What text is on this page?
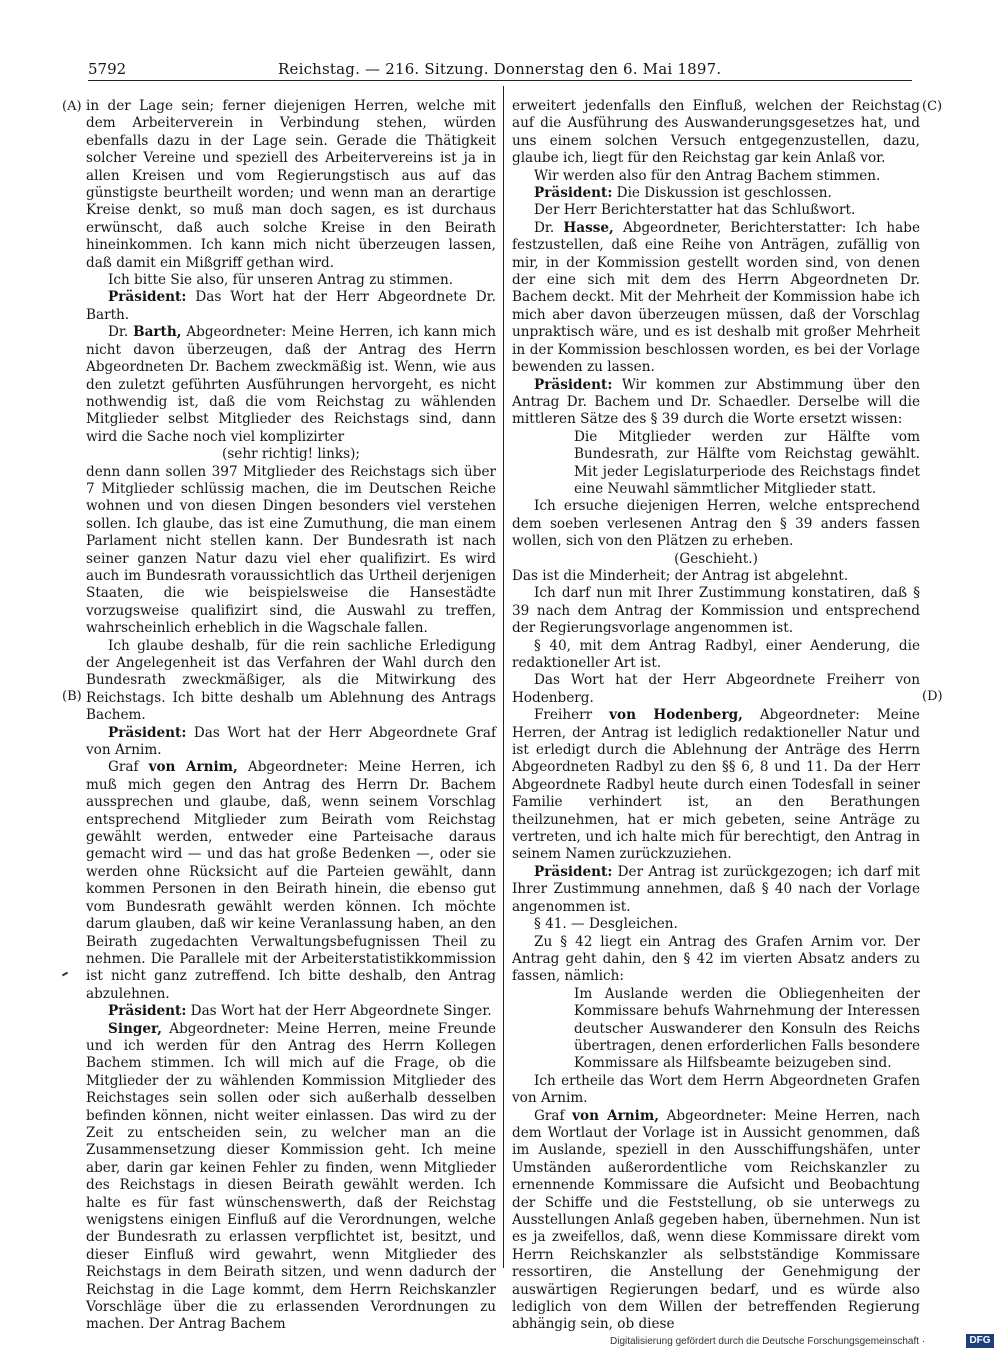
5792	Reichstag. — 216. Sitzung. Donnerstag den 6. Mai 1897.
(A)
(B)
(C)
(D)

in der Lage sein; ferner diejenigen Herren, welche mit dem Arbeiterverein in Verbindung stehen, würden ebenfalls dazu in der Lage sein. Gerade die Thätigkeit solcher Vereine und speziell des Arbeitervereins ist ja in allen Kreisen und vom Regierungstisch aus auf das günstigste beurtheilt worden; und wenn man an derartige Kreise denkt, so muß man doch sagen, es ist durchaus erwünscht, daß auch solche Kreise in den Beirath hineinkommen. Ich kann mich nicht überzeugen lassen, daß damit ein Mißgriff gethan wird.

Ich bitte Sie also, für unseren Antrag zu stimmen.

Präsident: Das Wort hat der Herr Abgeordnete Dr. Barth.

Dr. Barth, Abgeordneter: Meine Herren, ich kann mich nicht davon überzeugen, daß der Antrag des Herrn Abgeordneten Dr. Bachem zweckmäßig ist. Wenn, wie aus den zuletzt geführten Ausführungen hervorgeht, es nicht nothwendig ist, daß die vom Reichstag zu wählenden Mitglieder selbst Mitglieder des Reichstags sind, dann wird die Sache noch viel komplizirter

(sehr richtig! links);

denn dann sollen 397 Mitglieder des Reichstags sich über 7 Mitglieder schlüssig machen, die im Deutschen Reiche wohnen und von diesen Dingen besonders viel verstehen sollen. Ich glaube, das ist eine Zumuthung, die man einem Parlament nicht stellen kann. Der Bundesrath ist nach seiner ganzen Natur dazu viel eher qualifizirt. Es wird auch im Bundesrath voraussichtlich das Urtheil derjenigen Staaten, die wie beispielsweise die Hansestädte vorzugsweise qualifizirt sind, die Auswahl zu treffen, wahrscheinlich erheblich in die Wagschale fallen.

Ich glaube deshalb, für die rein sachliche Erledigung der Angelegenheit ist das Verfahren der Wahl durch den Bundesrath zweckmäßiger, als die Mitwirkung des Reichstags. Ich bitte deshalb um Ablehnung des Antrags Bachem.

Präsident: Das Wort hat der Herr Abgeordnete Graf von Arnim.

Graf von Arnim, Abgeordneter: Meine Herren, ich muß mich gegen den Antrag des Herrn Dr. Bachem aussprechen und glaube, daß, wenn seinem Vorschlag entsprechend Mitglieder zum Beirath vom Reichstag gewählt werden, entweder eine Parteisache daraus gemacht wird — und das hat große Bedenken —, oder sie werden ohne Rücksicht auf die Parteien gewählt, dann kommen Personen in den Beirath hinein, die ebenso gut vom Bundesrath gewählt werden können. Ich möchte darum glauben, daß wir keine Veranlassung haben, an den Beirath zugedachten Verwaltungsbefugnissen Theil zu nehmen. Die Parallele mit der Arbeiterstatistikkommission ist nicht ganz zutreffend. Ich bitte deshalb, den Antrag abzulehnen.

Präsident: Das Wort hat der Herr Abgeordnete Singer.

Singer, Abgeordneter: Meine Herren, meine Freunde und ich werden für den Antrag des Herrn Kollegen Bachem stimmen. Ich will mich auf die Frage, ob die Mitglieder der zu wählenden Kommission Mitglieder des Reichstages sein sollen oder sich außerhalb desselben befinden können, nicht weiter einlassen. Das wird zu der Zeit zu entscheiden sein, zu welcher man an die Zusammensetzung dieser Kommission geht. Ich meine aber, darin gar keinen Fehler zu finden, wenn Mitglieder des Reichstags in diesen Beirath gewählt werden. Ich halte es für fast wünschenswerth, daß der Reichstag wenigstens einigen Einfluß auf die Verordnungen, welche der Bundesrath zu erlassen verpflichtet ist, besitzt, und dieser Einfluß wird gewahrt, wenn Mitglieder des Reichstags in dem Beirath sitzen, und wenn dadurch der Reichstag in die Lage kommt, dem Herrn Reichskanzler Vorschläge über die zu erlassenden Verordnungen zu machen. Der Antrag Bachem

erweitert jedenfalls den Einfluß, welchen der Reichstag auf die Ausführung des Auswanderungsgesetzes hat, und uns einem solchen Versuch entgegenzustellen, dazu, glaube ich, liegt für den Reichstag gar kein Anlaß vor.

Wir werden also für den Antrag Bachem stimmen.

Präsident: Die Diskussion ist geschlossen.

Der Herr Berichterstatter hat das Schlußwort.

Dr. Hasse, Abgeordneter, Berichterstatter: Ich habe festzustellen, daß eine Reihe von Anträgen, zufällig von mir, in der Kommission gestellt worden sind, von denen der eine sich mit dem des Herrn Abgeordneten Dr. Bachem deckt. Mit der Mehrheit der Kommission habe ich mich aber davon überzeugen müssen, daß der Vorschlag unpraktisch wäre, und es ist deshalb mit großer Mehrheit in der Kommission beschlossen worden, es bei der Vorlage bewenden zu lassen.

Präsident: Wir kommen zur Abstimmung über den Antrag Dr. Bachem und Dr. Schaedler. Derselbe will die mittleren Sätze des § 39 durch die Worte ersetzt wissen:

Die Mitglieder werden zur Hälfte vom Bundesrath, zur Hälfte vom Reichstag gewählt. Mit jeder Legislaturperiode des Reichstags findet eine Neuwahl sämmtlicher Mitglieder statt.

Ich ersuche diejenigen Herren, welche entsprechend dem soeben verlesenen Antrag den § 39 anders fassen wollen, sich von den Plätzen zu erheben.

(Geschieht.)

Das ist die Minderheit; der Antrag ist abgelehnt.

Ich darf nun mit Ihrer Zustimmung konstatiren, daß § 39 nach dem Antrag der Kommission und entsprechend der Regierungsvorlage angenommen ist.

§ 40, mit dem Antrag Radbyl, einer Aenderung, die redaktioneller Art ist.

Das Wort hat der Herr Abgeordnete Freiherr von Hodenberg.

Freiherr von Hodenberg, Abgeordneter: Meine Herren, der Antrag ist lediglich redaktioneller Natur und ist erledigt durch die Ablehnung der Anträge des Herrn Abgeordneten Radbyl zu den §§ 6, 8 und 11. Da der Herr Abgeordnete Radbyl heute durch einen Todesfall in seiner Familie verhindert ist, an den Berathungen theilzunehmen, hat er mich gebeten, seine Anträge zu vertreten, und ich halte mich für berechtigt, den Antrag in seinem Namen zurückzuziehen.

Präsident: Der Antrag ist zurückgezogen; ich darf mit Ihrer Zustimmung annehmen, daß § 40 nach der Vorlage angenommen ist.

§ 41. — Desgleichen.

Zu § 42 liegt ein Antrag des Grafen Arnim vor. Der Antrag geht dahin, den § 42 im vierten Absatz anders zu fassen, nämlich:

Im Auslande werden die Obliegenheiten der Kommissare behufs Wahrnehmung der Interessen deutscher Auswanderer den Konsuln des Reichs übertragen, denen erforderlichen Falls besondere Kommissare als Hilfsbeamte beizugeben sind.

Ich ertheile das Wort dem Herrn Abgeordneten Grafen von Arnim.

Graf von Arnim, Abgeordneter: Meine Herren, nach dem Wortlaut der Vorlage ist in Aussicht genommen, daß im Auslande, speziell in den Ausschiffungshäfen, unter Umständen außerordentliche vom Reichskanzler zu ernennende Kommissare die Aufsicht und Beobachtung der Schiffe und die Feststellung, ob sie unterwegs zu Ausstellungen Anlaß gegeben haben, übernehmen. Nun ist es ja zweifellos, daß, wenn diese Kommissare direkt vom Herrn Reichskanzler als selbstständige Kommissare ressortiren, die Anstellung der Genehmigung der auswärtigen Regierungen bedarf, und es würde also lediglich von dem Willen der betreffenden Regierung abhängig sein, ob diese

Digitalisierung gefördert durch die Deutsche Forschungsgemeinschaft ·	DFG
